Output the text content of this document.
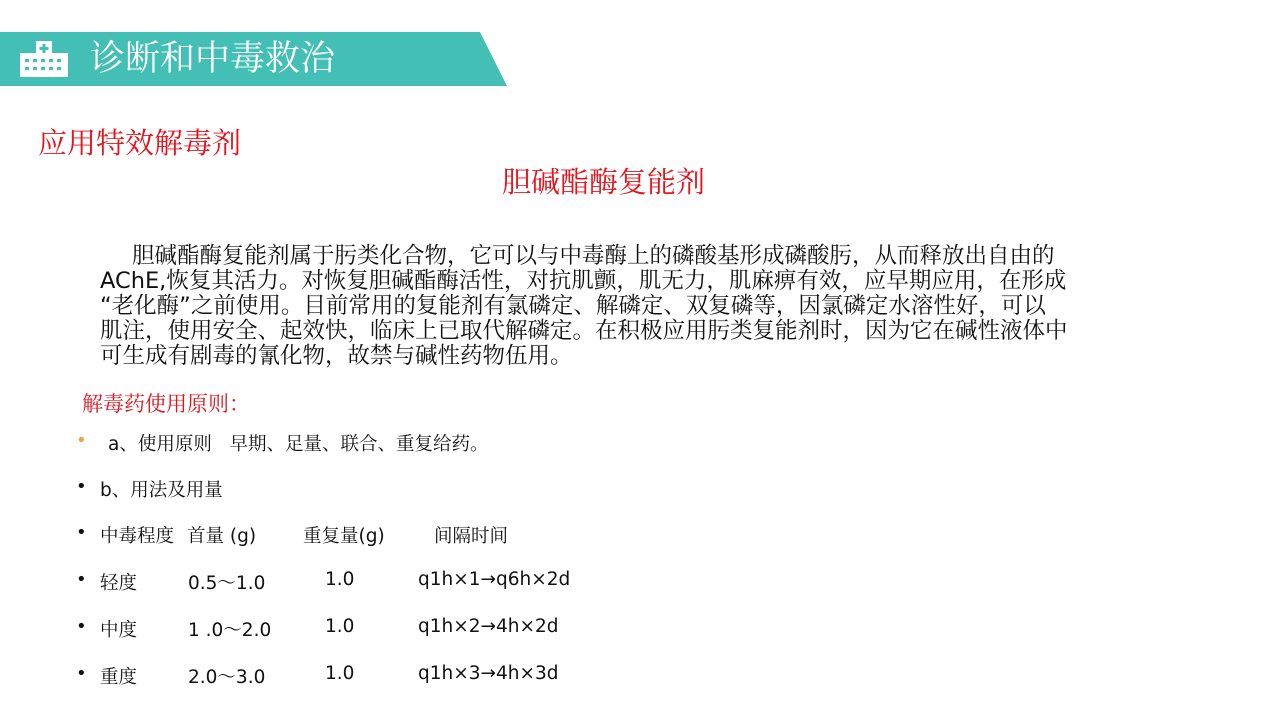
诊断和中毒救治
应用特效解毒剂
胆碱酯酶复能剂
胆碱酯酶复能剂属于肟类化合物，它可以与中毒酶上的磷酸基形成磷酸肟，从而释放出自由的
AChE,恢复其活力。对恢复胆碱酯酶活性，对抗肌颤，肌无力，肌麻痹有效，应早期应用，在形成
“老化酶”之前使用。目前常用的复能剂有氯磷定、解磷定、双复磷等，因氯磷定水溶性好，可以
肌注，使用安全、起效快，临床上已取代解磷定。在积极应用肟类复能剂时，因为它在碱性液体中
可生成有剧毒的氰化物，故禁与碱性药物伍用。
解毒药使用原则：
• a、使用原则   早期、足量、联合、重复给药。
• b、用法及用量
• 中毒程度 首量 (g)	重复量(g)	间隔时间
• 轻度	0.5～1.0	1.0	q1h×1→q6h×2d
• 中度	1 .0～2.0	1.0	q1h×2→4h×2d
• 重度	2.0～3.0	1.0	q1h×3→4h×3d
